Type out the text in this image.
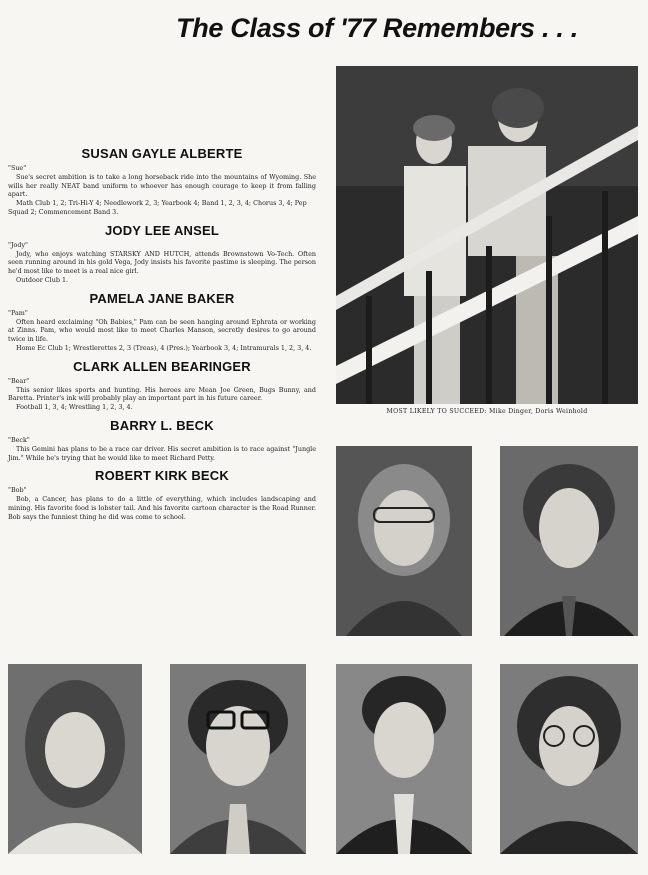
The Class of '77 Remembers . . .
SUSAN GAYLE ALBERTE
"Sue"
Sue's secret ambition is to take a long horseback ride into the mountains of Wyoming. She wills her really NEAT band uniform to whoever has enough courage to keep it from falling apart.
Math Club 1, 2; Tri-Hi-Y 4; Needlework 2, 3; Yearbook 4; Band 1, 2, 3, 4; Chorus 3, 4; Pep Squad 2; Commencement Band 3.
JODY LEE ANSEL
"Jody"
Jody, who enjoys watching STARSKY AND HUTCH, attends Brownstown Vo-Tech. Often seen running around in his gold Vega, Jody insists his favorite pastime is sleeping. The person he'd most like to meet is a real nice girl.
Outdoor Club 1.
PAMELA JANE BAKER
"Pam"
Often heard exclaiming "Oh Babies," Pam can be seen hanging around Ephrata or working at Zinns. Pam, who would most like to meet Charles Manson, secretly desires to go around twice in life.
Home Ec Club 1; Wrestlerettes 2, 3 (Treas), 4 (Pres.); Yearbook 3, 4; Intramurals 1, 2, 3, 4.
CLARK ALLEN BEARINGER
"Bear"
This senior likes sports and hunting. His heroes are Mean Joe Green, Bugs Bunny, and Baretta. Printer's ink will probably play an important part in his future career.
Football 1, 3, 4; Wrestling 1, 2, 3, 4.
BARRY L. BECK
"Beck"
This Gemini has plans to be a race car driver. His secret ambition is to race against "Jungle Jim." While he's trying that he would like to meet Richard Petty.
ROBERT KIRK BECK
"Bob"
Bob, a Cancer, has plans to do a little of everything, which includes landscaping and mining. His favorite food is lobster tail. And his favorite cartoon character is the Road Runner. Bob says the funniest thing he did was come to school.
MOST LIKELY TO SUCCEED: Mike Dinger, Doris Weinhold
